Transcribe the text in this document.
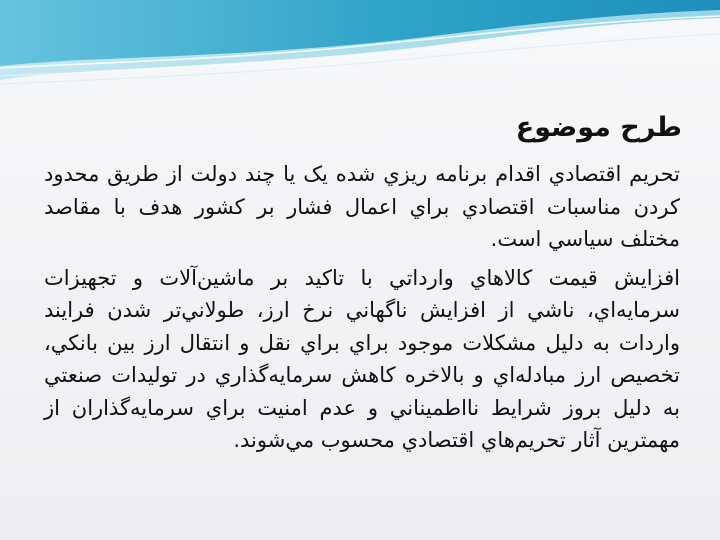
طرح موضوع

تحريم اقتصادي اقدام برنامه ريزي شده يک يا چند دولت از طريق محدود کردن مناسبات اقتصادي براي اعمال فشار بر کشور هدف با مقاصد مختلف سياسي است.

افزايش قيمت کالاهاي وارداتي با تاکيد بر ماشين‌آلات و تجهيزات سرمايه‌اي، ناشي از افزايش ناگهاني نرخ ارز، طولاني‌تر شدن فرايند واردات به دليل مشکلات موجود براي براي نقل و انتقال ارز بين بانکي، تخصيص ارز مبادله‌اي و بالاخره کاهش سرمايه‌گذاري در توليدات صنعتي به دليل بروز شرايط نااطميناني و عدم امنيت براي سرمايه‌گذاران از مهمترين آثار تحريم‌هاي اقتصادي محسوب مي‌شوند.
